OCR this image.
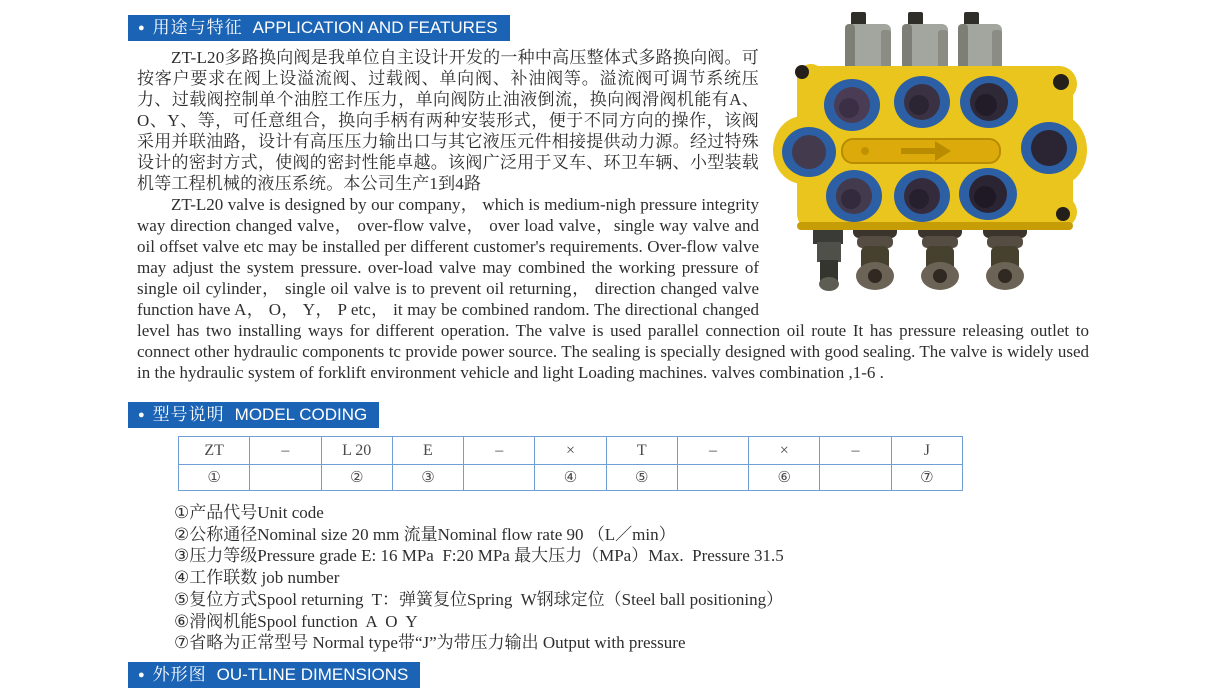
● 用途与特征 APPLICATION AND FEATURES

ZT-L20多路换向阀是我单位自主设计开发的一种中高压整体式多路换向阀。可按客户要求在阀上设溢流阀、过载阀、单向阀、补油阀等。溢流阀可调节系统压力、过载阀控制单个油腔工作压力，单向阀防止油液倒流，换向阀滑阀机能有A、O、Y、等，可任意组合，换向手柄有两种安装形式，便于不同方向的操作，该阀采用并联油路，设计有高压压力输出口与其它液压元件相接提供动力源。经过特殊设计的密封方式，使阀的密封性能卓越。该阀广泛用于叉车、环卫车辆、小型装载机等工程机械的液压系统。本公司生产1到4路

ZT-L20 valve is designed by our company， which is medium-nigh pressure integrity way direction changed valve， over-flow valve， over load valve，single way valve and oil offset valve etc may be installed per different customer's requirements. Over-flow valve may adjust the system pressure. over-load valve may combined the working pressure of single oil cylinder， single oil valve is to prevent oil returning， direction changed valve function have A， O， Y， P etc， it may be combined random. The directional changed level has two installing ways for different operation. The valve is used parallel connection oil route It has pressure releasing outlet to connect other hydraulic components tc provide power source. The sealing is specially designed with good sealing. The valve is widely used in the hydraulic system of forklift environment vehicle and light Loading machines. valves combination ,1-6 .

● 型号说明 MODEL CODING
ZT	–	L 20	E	–	×	T	–	×	–	J
①		②	③		④	⑤		⑥		⑦
①产品代号Unit code
②公称通径Nominal size 20 mm 流量Nominal flow rate 90 （L／min）
③压力等级Pressure grade E: 16 MPa  F:20 MPa 最大压力（MPa）Max.  Pressure 31.5
④工作联数 job number
⑤复位方式Spool returning  T：弹簧复位Spring  W钢球定位（Steel ball positioning）
⑥滑阀机能Spool function  A  O  Y
⑦省略为正常型号 Normal type带“J”为带压力输出 Output with pressure
● 外形图 OU-TLINE DIMENSIONS
